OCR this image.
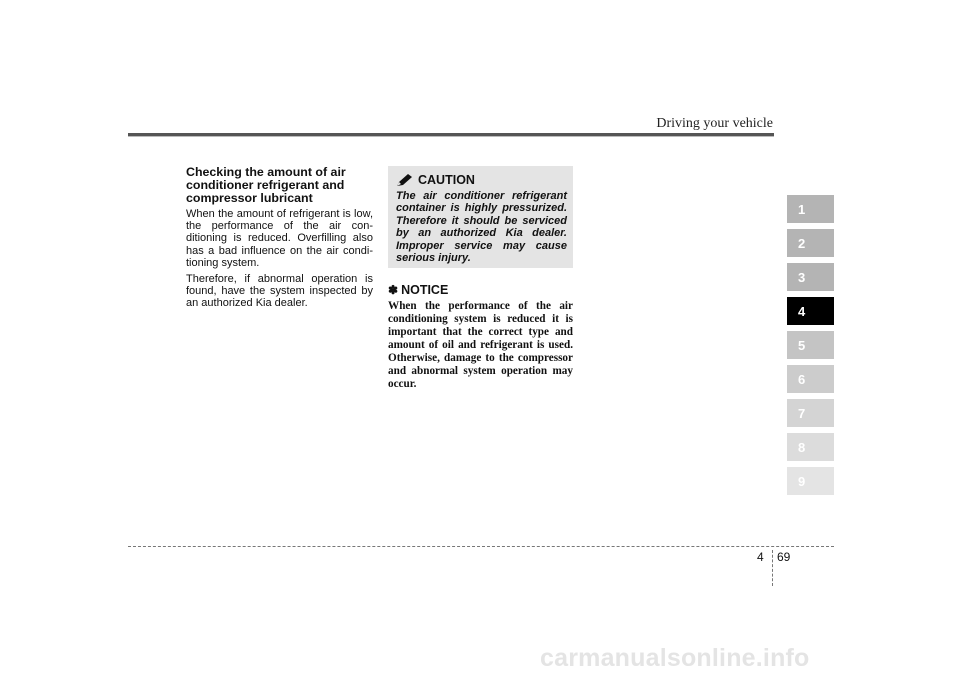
Driving your vehicle
Checking the amount of air conditioner refrigerant and compressor lubricant

When the amount of refrigerant is low, the performance of the air con-ditioning is reduced. Overfilling also has a bad influence on the air condi-tioning system.

Therefore, if abnormal operation is found, have the system inspected by an authorized Kia dealer.

CAUTION

The air conditioner refrigerant container is highly pressurized. Therefore it should be serviced by an authorized Kia dealer. Improper service may cause serious injury.

✽ NOTICE

When the performance of the air conditioning system is reduced it is important that the correct type and amount of oil and refrigerant is used. Otherwise, damage to the compressor and abnormal system operation may occur.

1
2
3
4
5
6
7
8
9
4 69
carmanualsonline.info
